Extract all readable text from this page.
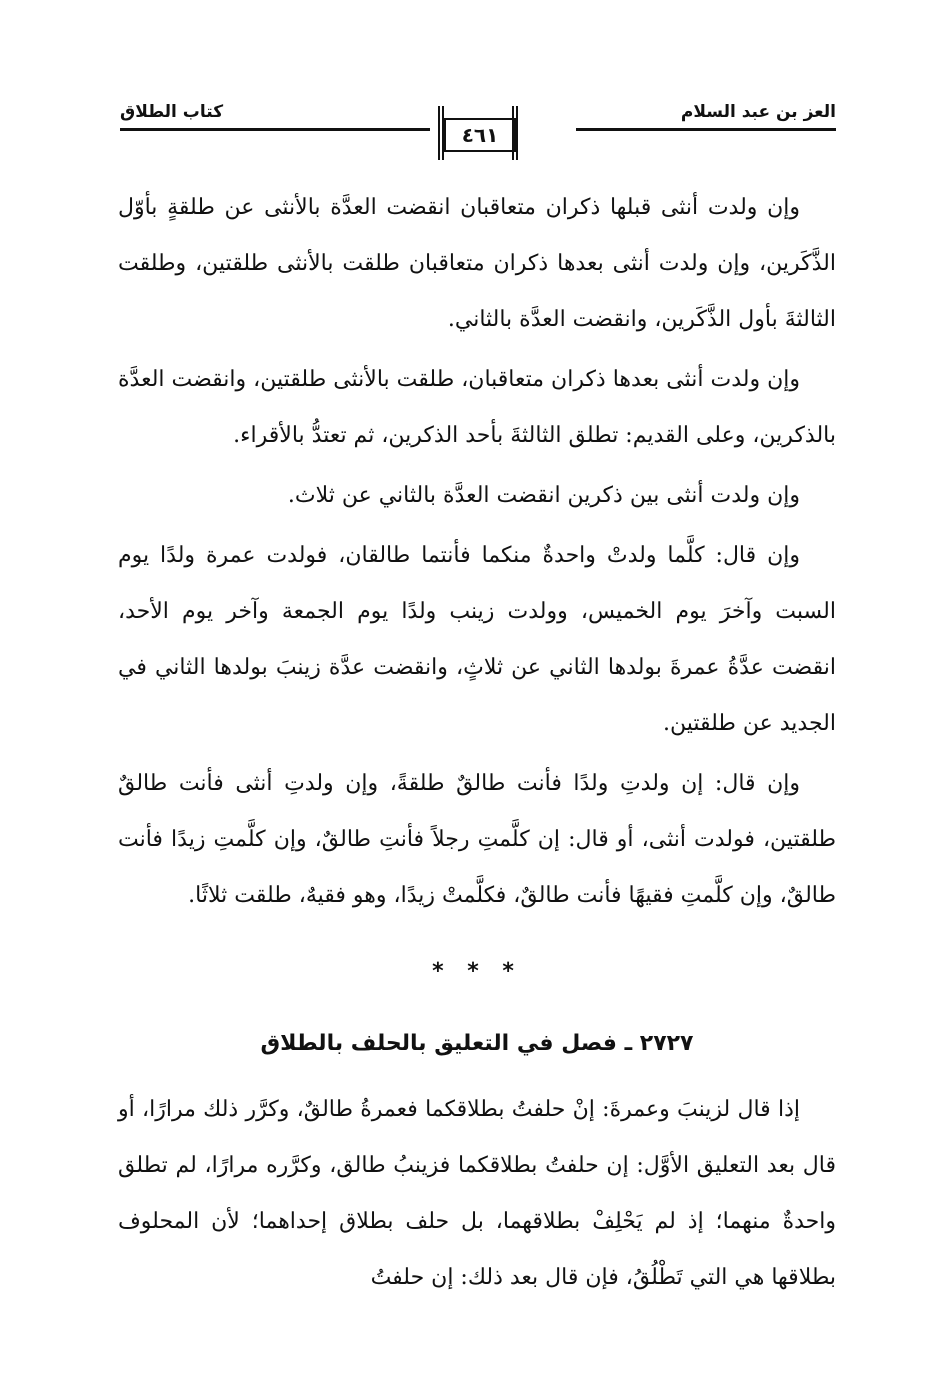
العز بن عبد السلام
كتاب الطلاق
٤٦١

وإن ولدت أنثى قبلها ذكران متعاقبان انقضت العدَّة بالأنثى عن طلقةٍ بأوّل الذَّكَرين، وإن ولدت أنثى بعدها ذكران متعاقبان طلقت بالأنثى طلقتين، وطلقت الثالثةَ بأول الذَّكَرين، وانقضت العدَّة بالثاني.

وإن ولدت أنثى بعدها ذكران متعاقبان، طلقت بالأنثى طلقتين، وانقضت العدَّة بالذكرين، وعلى القديم: تطلق الثالثةَ بأحد الذكرين، ثم تعتدُّ بالأقراء.

وإن ولدت أنثى بين ذكرين انقضت العدَّة بالثاني عن ثلاث.

وإن قال: كلَّما ولدتْ واحدةٌ منكما فأنتما طالقان، فولدت عمرة ولدًا يوم السبت وآخرَ يوم الخميس، وولدت زينب ولدًا يوم الجمعة وآخر يوم الأحد، انقضت عدَّةُ عمرةَ بولدها الثاني عن ثلاثٍ، وانقضت عدَّة زينبَ بولدها الثاني في الجديد عن طلقتين.

وإن قال: إن ولدتِ ولدًا فأنت طالقٌ طلقةً، وإن ولدتِ أنثى فأنت طالقٌ طلقتين، فولدت أنثى، أو قال: إن كلَّمتِ رجلاً فأنتِ طالقٌ، وإن كلَّمتِ زيدًا فأنت طالقٌ، وإن كلَّمتِ فقيهًا فأنت طالقٌ، فكلَّمتْ زيدًا، وهو فقيهٌ، طلقت ثلاثًا.

* * *
٢٧٢٧ ـ فصل في التعليق بالحلف بالطلاق

إذا قال لزينبَ وعمرةَ: إنْ حلفتُ بطلاقكما فعمرةُ طالقٌ، وكرَّر ذلك مرارًا، أو قال بعد التعليق الأوَّل: إن حلفتُ بطلاقكما فزينبُ طالق، وكرَّره مرارًا، لم تطلق واحدةٌ منهما؛ إذ لم يَحْلِفْ بطلاقهما، بل حلف بطلاق إحداهما؛ لأن المحلوف بطلاقها هي التي تَطْلُقُ، فإن قال بعد ذلك: إن حلفتُ
